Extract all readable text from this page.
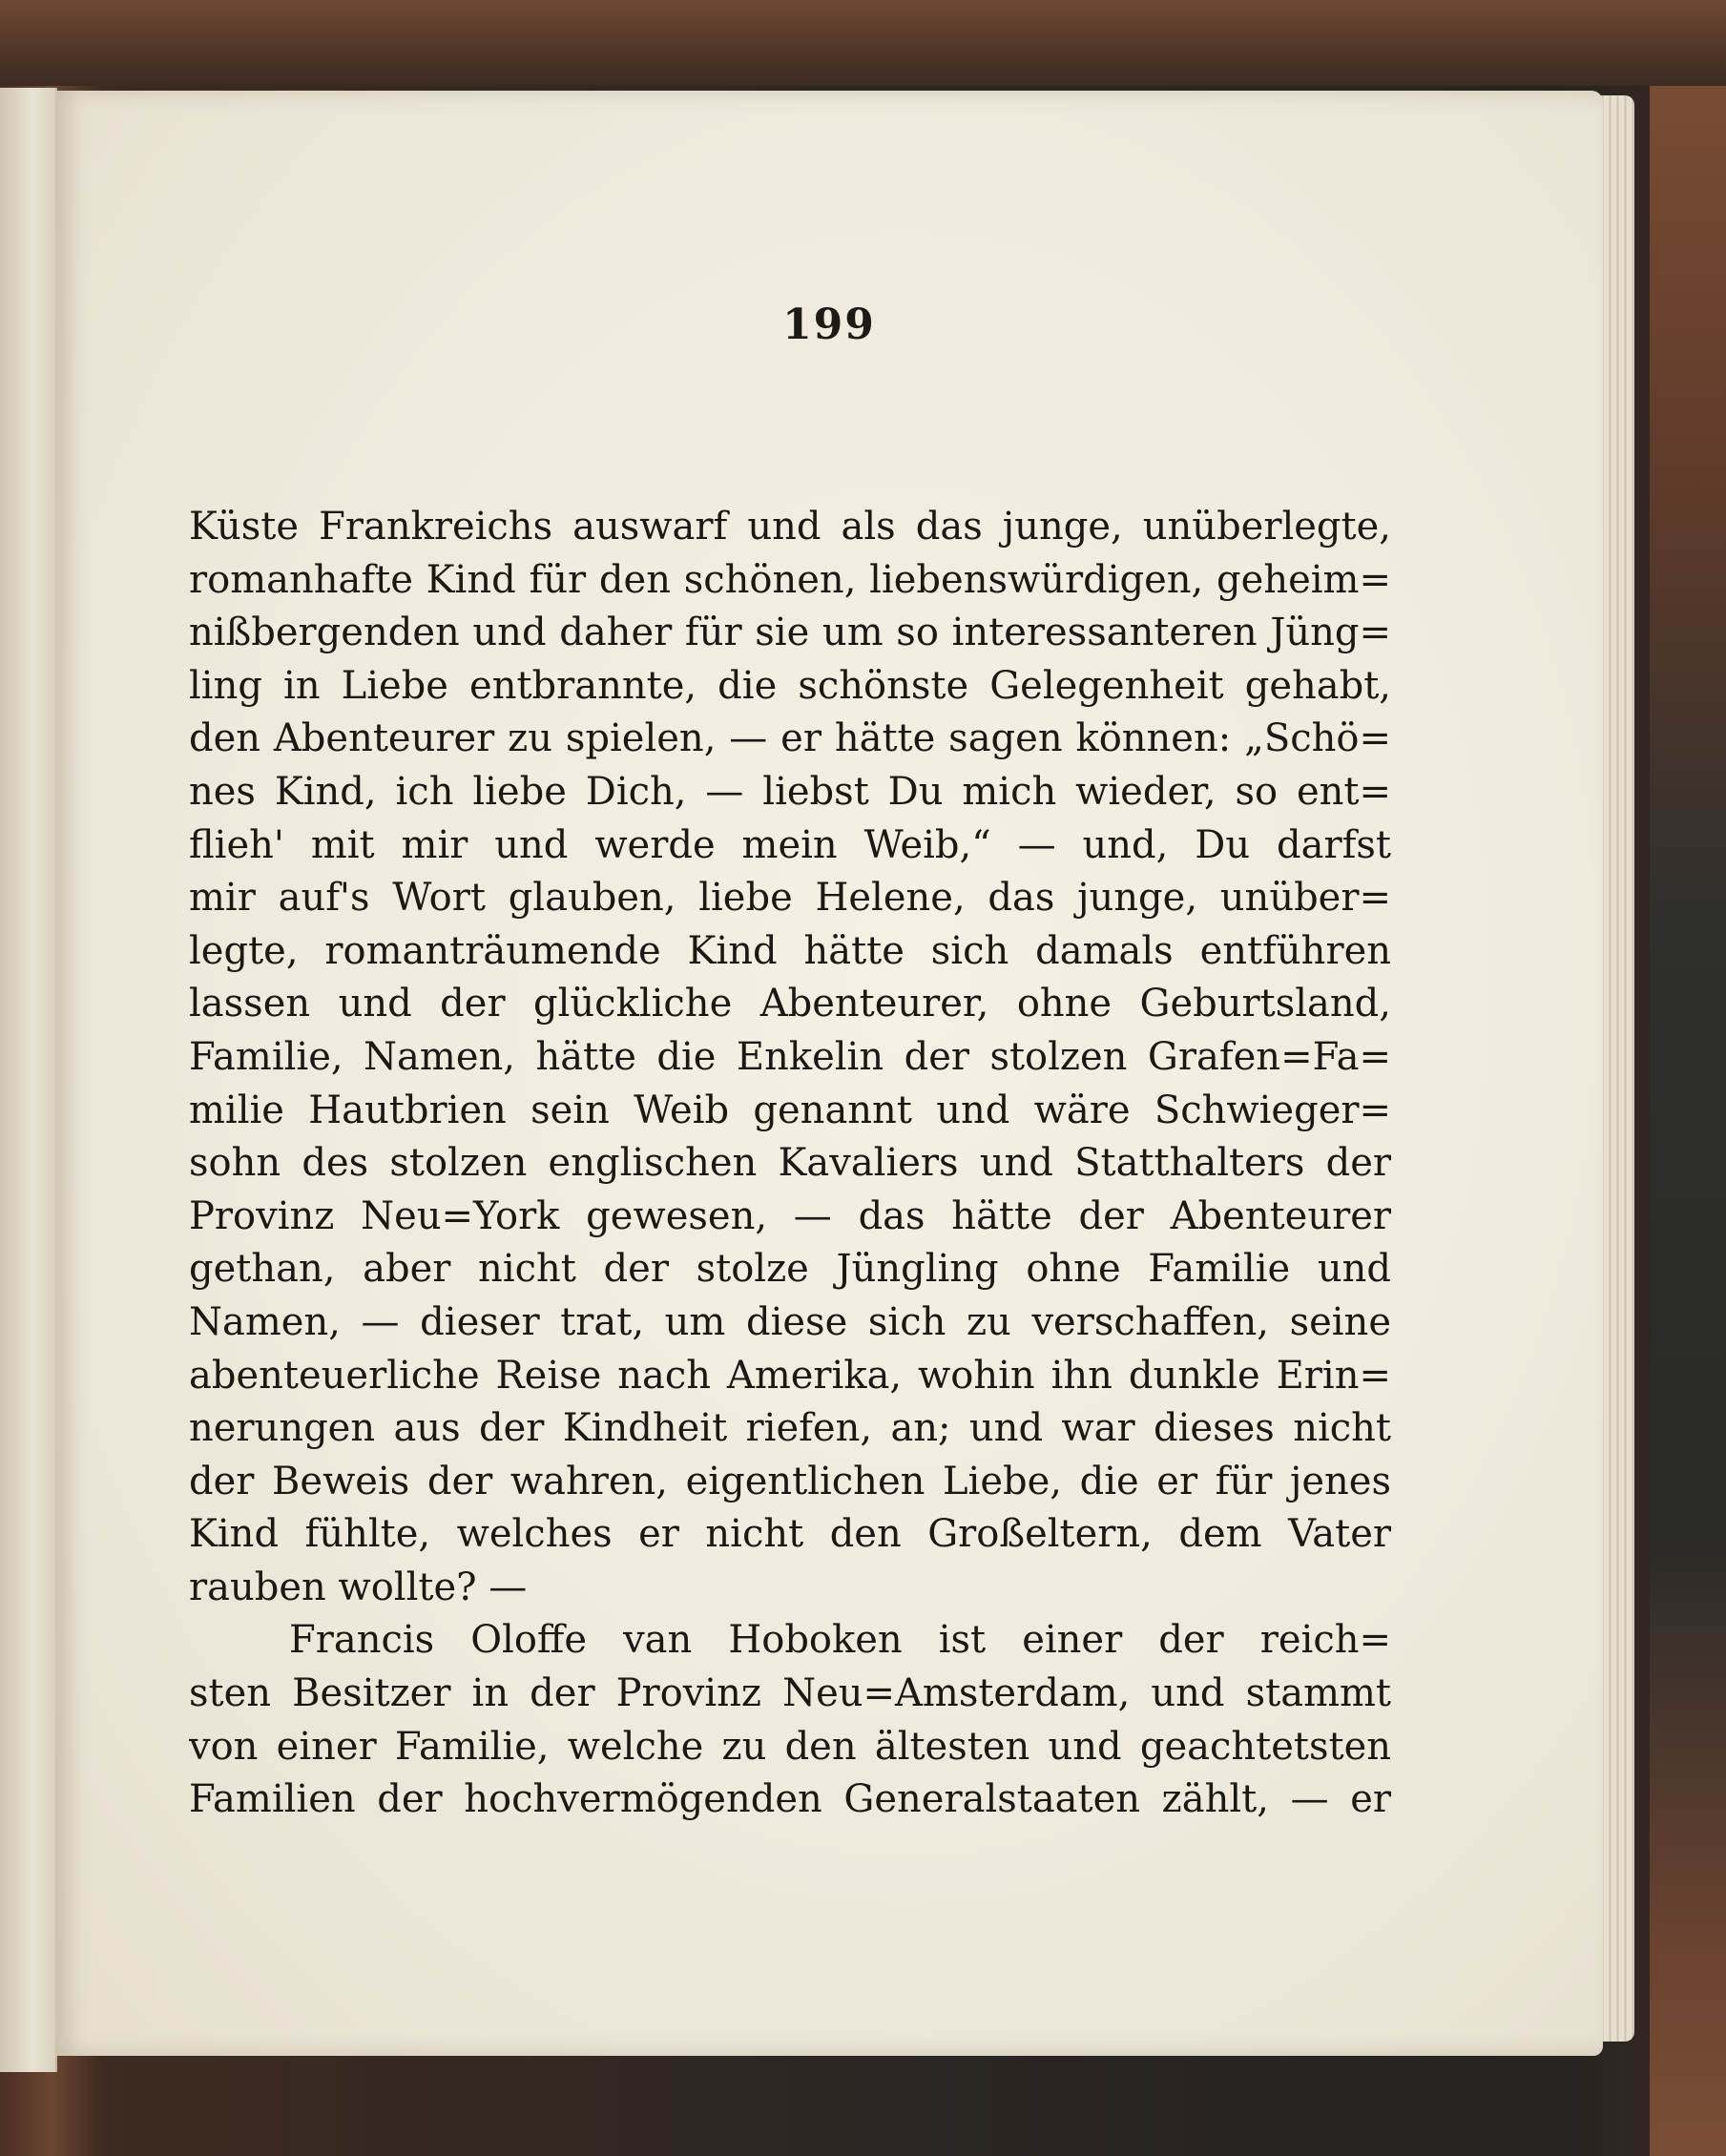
199

Küste Frankreichs auswarf und als das junge, unüberlegte,
romanhafte Kind für den schönen, liebenswürdigen, geheim=
nißbergenden und daher für sie um so interessanteren Jüng=
ling in Liebe entbrannte, die schönste Gelegenheit gehabt,
den Abenteurer zu spielen, — er hätte sagen können: „Schö=
nes Kind, ich liebe Dich, — liebst Du mich wieder, so ent=
flieh' mit mir und werde mein Weib,“ — und, Du darfst
mir auf's Wort glauben, liebe Helene, das junge, unüber=
legte, romanträumende Kind hätte sich damals entführen
lassen und der glückliche Abenteurer, ohne Geburtsland,
Familie, Namen, hätte die Enkelin der stolzen Grafen=Fa=
milie Hautbrien sein Weib genannt und wäre Schwieger=
sohn des stolzen englischen Kavaliers und Statthalters der
Provinz Neu=York gewesen, — das hätte der Abenteurer
gethan, aber nicht der stolze Jüngling ohne Familie und
Namen, — dieser trat, um diese sich zu verschaffen, seine
abenteuerliche Reise nach Amerika, wohin ihn dunkle Erin=
nerungen aus der Kindheit riefen, an; und war dieses nicht
der Beweis der wahren, eigentlichen Liebe, die er für jenes
Kind fühlte, welches er nicht den Großeltern, dem Vater
rauben wollte? —

Francis Oloffe van Hoboken ist einer der reich=
sten Besitzer in der Provinz Neu=Amsterdam, und stammt
von einer Familie, welche zu den ältesten und geachtetsten
Familien der hochvermögenden Generalstaaten zählt, — er
